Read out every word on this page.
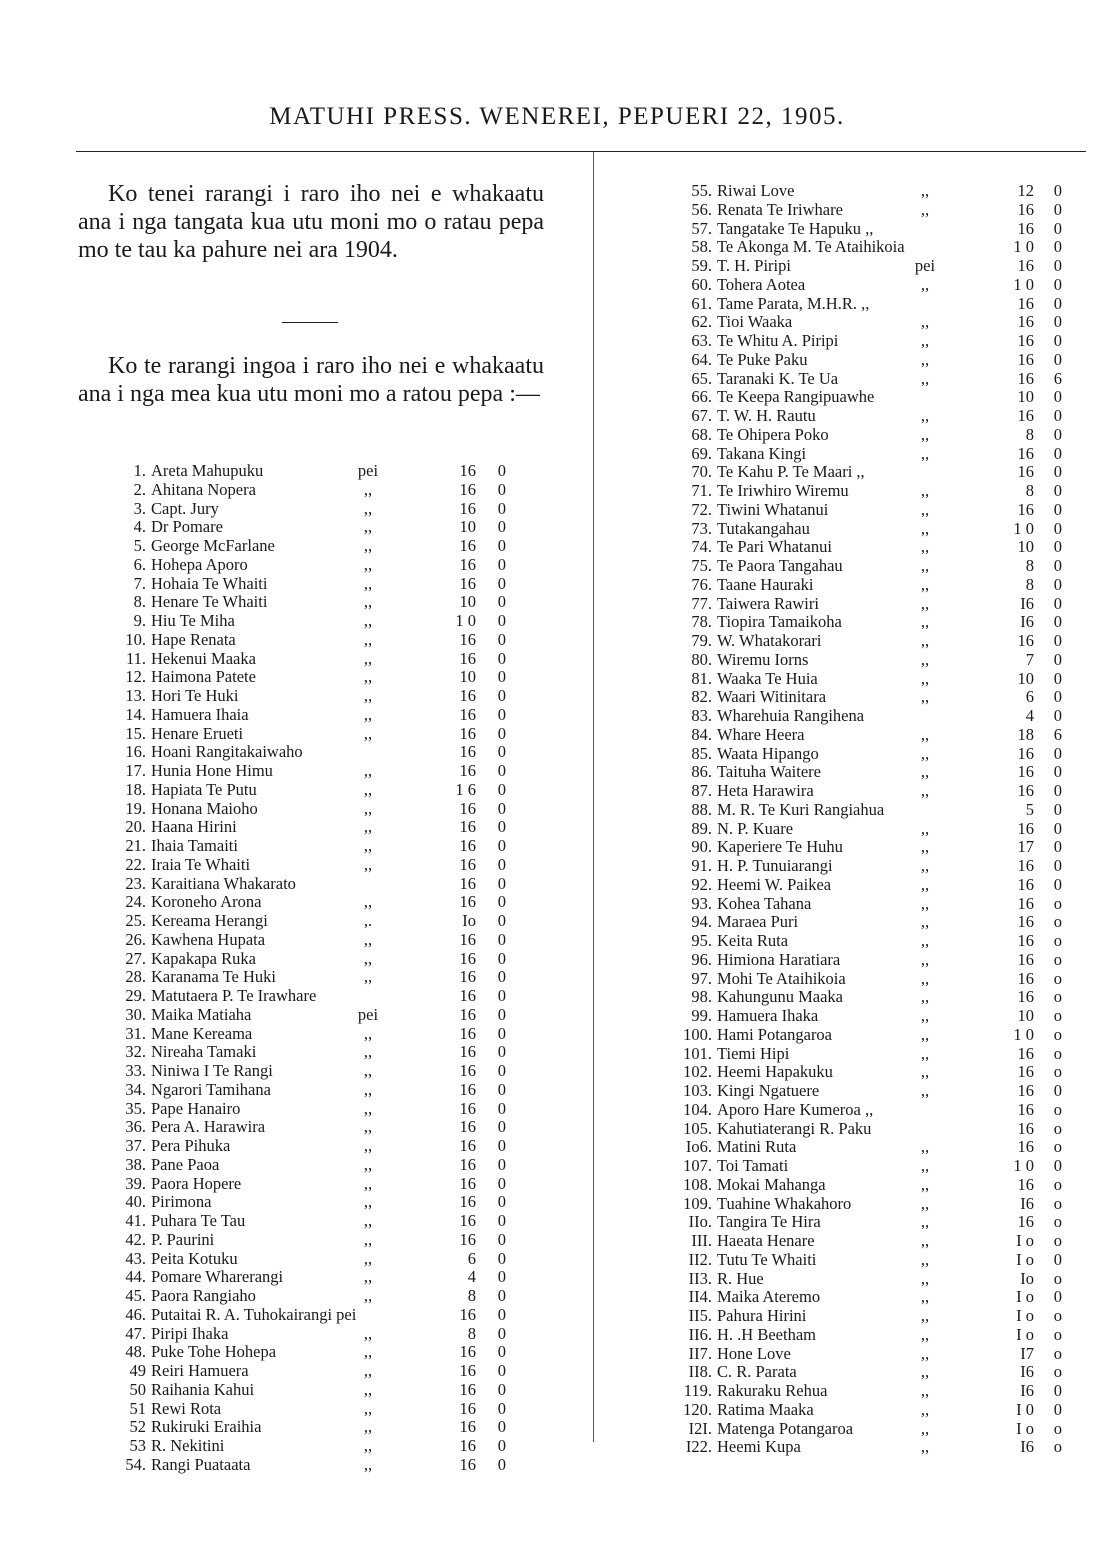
MATUHI PRESS. WENEREI, PEPUERI 22, 1905.

Ko tenei rarangi i raro iho nei e whakaatu ana i nga tangata kua utu moni mo o ratau pepa mo te tau ka pahure nei ara 1904.

Ko te rarangi ingoa i raro iho nei e whakaatu ana i nga mea kua utu moni mo a ratou pepa :—

1. Areta Mahupuku	pei	16	0
2. Ahitana Nopera	,,	16	0
3. Capt. Jury	,,	16	0
4. Dr Pomare	,,	10	0
5. George McFarlane	,,	16	0
6. Hohepa Aporo	,,	16	0
7. Hohaia Te Whaiti	,,	16	0
8. Henare Te Whaiti	,,	10	0
9. Hiu Te Miha	,,	1 0	0
10. Hape Renata	,,	16	0
11. Hekenui Maaka	,,	16	0
12. Haimona Patete	,,	10	0
13. Hori Te Huki	,,	16	0
14. Hamuera Ihaia	,,	16	0
15. Henare Erueti	,,	16	0
16. Hoani Rangitakaiwaho	16	0
17. Hunia Hone Himu	,,	16	0
18. Hapiata Te Putu	,,	1 6	0
19. Honana Maioho	,,	16	0
20. Haana Hirini	,,	16	0
21. Ihaia Tamaiti	,,	16	0
22. Iraia Te Whaiti	,,	16	0
23. Karaitiana Whakarato	16	0
24. Koroneho Arona	,,	16	0
25. Kereama Herangi	,.	Io	0
26. Kawhena Hupata	,,	16	0
27. Kapakapa Ruka	,,	16	0
28. Karanama Te Huki	,,	16	0
29. Matutaera P. Te Irawhare	16	0
30. Maika Matiaha	pei	16	0
31. Mane Kereama	,,	16	0
32. Nireaha Tamaki	,,	16	0
33. Niniwa I Te Rangi	,,	16	0
34. Ngarori Tamihana	,,	16	0
35. Pape Hanairo	,,	16	0
36. Pera A. Harawira	,,	16	0
37. Pera Pihuka	,,	16	0
38. Pane Paoa	,,	16	0
39. Paora Hopere	,,	16	0
40. Pirimona	,,	16	0
41. Puhara Te Tau	,,	16	0
42. P. Paurini	,,	16	0
43. Peita Kotuku	,,	6	0
44. Pomare Wharerangi	,,	4	0
45. Paora Rangiaho	,,	8	0
46. Putaitai R. A. Tuhokairangi pei	16	0
47. Piripi Ihaka	,,	8	0
48. Puke Tohe Hohepa	,,	16	0
49 Reiri Hamuera	,,	16	0
50 Raihania Kahui	,,	16	0
51 Rewi Rota	,,	16	0
52 Rukiruki Eraihia	,,	16	0
53 R. Nekitini	,,	16	0
54. Rangi Puataata	,,	16	0
55. Riwai Love	,,	12	0
56. Renata Te Iriwhare	,,	16	0
57. Tangatake Te Hapuku ,,	16	0
58. Te Akonga M. Te Ataihikoia	1 0	0
59. T. H. Piripi	pei	16	0
60. Tohera Aotea	,,	1 0	0
61. Tame Parata, M.H.R. ,,	16	0
62. Tioi Waaka	,,	16	0
63. Te Whitu A. Piripi	,,	16	0
64. Te Puke Paku	,,	16	0
65. Taranaki K. Te Ua	,,	16	6
66. Te Keepa Rangipuawhe	10	0
67. T. W. H. Rautu	,,	16	0
68. Te Ohipera Poko	,,	8	0
69. Takana Kingi	,,	16	0
70. Te Kahu P. Te Maari ,,	16	0
71. Te Iriwhiro Wiremu	,,	8	0
72. Tiwini Whatanui	,,	16	0
73. Tutakangahau	,,	1 0	0
74. Te Pari Whatanui	,,	10	0
75. Te Paora Tangahau	,,	8	0
76. Taane Hauraki	,,	8	0
77. Taiwera Rawiri	,,	I6	0
78. Tiopira Tamaikoha	,,	I6	0
79. W. Whatakorari	,,	16	0
80. Wiremu Iorns	,,	7	0
81. Waaka Te Huia	,,	10	0
82. Waari Witinitara	,,	6	0
83. Wharehuia Rangihena	4	0
84. Whare Heera	,,	18	6
85. Waata Hipango	,,	16	0
86. Taituha Waitere	,,	16	0
87. Heta Harawira	,,	16	0
88. M. R. Te Kuri Rangiahua	5	0
89. N. P. Kuare	,,	16	0
90. Kaperiere Te Huhu	,,	17	0
91. H. P. Tunuiarangi	,,	16	0
92. Heemi W. Paikea	,,	16	0
93. Kohea Tahana	,,	16	o
94. Maraea Puri	,,	16	o
95. Keita Ruta	,,	16	o
96. Himiona Haratiara	,,	16	o
97. Mohi Te Ataihikoia	,,	16	o
98. Kahungunu Maaka	,,	16	o
99. Hamuera Ihaka	,,	10	o
100. Hami Potangaroa	,,	1 0	o
101. Tiemi Hipi	,,	16	o
102. Heemi Hapakuku	,,	16	o
103. Kingi Ngatuere	,,	16	0
104. Aporo Hare Kumeroa ,,	16	o
105. Kahutiaterangi R. Paku	16	o
Io6. Matini Ruta	,,	16	o
107. Toi Tamati	,,	1 0	0
108. Mokai Mahanga	,,	16	o
109. Tuahine Whakahoro	,,	I6	o
IIo. Tangira Te Hira	,,	16	o
III. Haeata Henare	,,	I o	o
II2. Tutu Te Whaiti	,,	I o	0
II3. R. Hue	,,	Io	o
II4. Maika Ateremo	,,	I o	0
II5. Pahura Hirini	,,	I o	o
II6. H. .H Beetham	,,	I o	o
II7. Hone Love	,,	I7	o
II8. C. R. Parata	,,	I6	o
119. Rakuraku Rehua	,,	I6	0
120. Ratima Maaka	,,	I 0	0
I2I. Matenga Potangaroa	,,	I o	o
I22. Heemi Kupa	,,	I6	o
